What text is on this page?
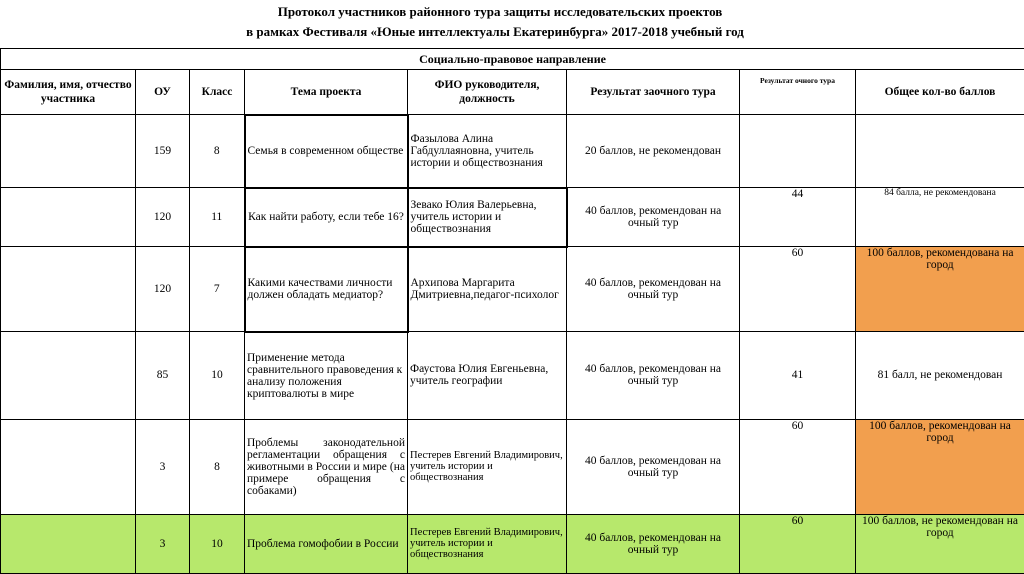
Протокол участников районного тура защиты исследовательских проектов
в рамках Фестиваля «Юные интеллектуалы Екатеринбурга» 2017-2018 учебный год
Социально-правовое направление							
Фамилия, имя, отчество участника	ОУ	Класс	Тема проекта	ФИО руководителя, должность	Результат заочного тура	Результат очного тура	Общее кол-во баллов
	159	8	Семья в современном обществе	Фазылова Алина Габдуллаяновна, учитель истории и обществознания	20 баллов, не рекомендован		
	120	11	Как найти работу, если тебе 16?	Зевако Юлия Валерьевна, учитель истории и обществознания	40 баллов, рекомендован на очный тур	44	84 балла, не рекомендована
	120	7	Какими качествами личности должен обладать медиатор?	Архипова Маргарита Дмитриевна,педагог-психолог	40 баллов, рекомендован на очный тур	60	100 баллов, рекомендована на город
	85	10	Применение метода сравнительного правоведения к анализу положения криптовалюты в мире	Фаустова Юлия Евгеньевна, учитель географии	40 баллов, рекомендован на очный тур	41	81 балл, не рекомендован
	3	8	Проблемы законодательной регламентации обращения с животными в России и мире (на примере обращения с собаками)	Пестерев Евгений Владимирович, учитель истории и обществознания	40 баллов, рекомендован на очный тур	60	100 баллов, рекомендован на город
	3	10	Проблема гомофобии в России	Пестерев Евгений Владимирович, учитель истории и обществознания	40 баллов, рекомендован на очный тур	60	100 баллов, не рекомендован на город
